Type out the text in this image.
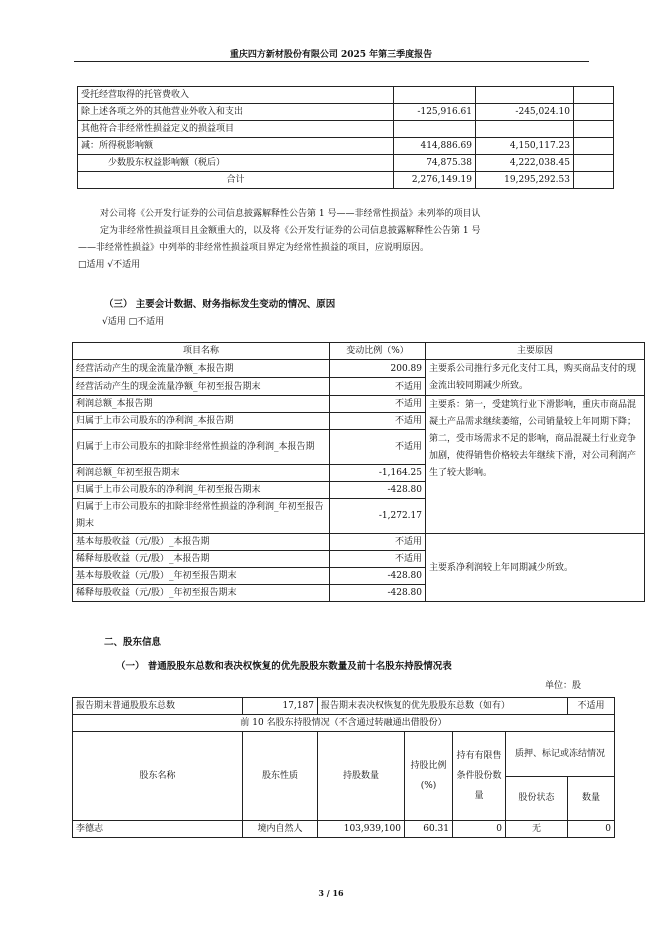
重庆四方新材股份有限公司 2025 年第三季度报告
受托经营取得的托管费收入			
除上述各项之外的其他营业外收入和支出	-125,916.61	-245,024.10	
其他符合非经常性损益定义的损益项目			
减：所得税影响额	414,886.69	4,150,117.23	
少数股东权益影响额（税后）	74,875.38	4,222,038.45	
合计	2,276,149.19	19,295,292.53	
对公司将《公开发行证券的公司信息披露解释性公告第 1 号——非经常性损益》未列举的项目认
定为非经常性损益项目且金额重大的，以及将《公开发行证券的公司信息披露解释性公告第 1 号
——非经常性损益》中列举的非经常性损益项目界定为经常性损益的项目，应说明原因。
□适用 √不适用
（三） 主要会计数据、财务指标发生变动的情况、原因
√适用 □不适用
项目名称	变动比例（%）	主要原因
经营活动产生的现金流量净额_本报告期	200.89	主要系公司推行多元化支付工具，购买商品支付的现金流出较同期减少所致。
经营活动产生的现金流量净额_年初至报告期末	不适用	
利润总额_本报告期	不适用	主要系：第一，受建筑行业下滑影响，重庆市商品混凝土产品需求继续萎缩，公司销量较上年同期下降；第二，受市场需求不足的影响，商品混凝土行业竞争加剧，使得销售价格较去年继续下滑，对公司利润产生了较大影响。
归属于上市公司股东的净利润_本报告期	不适用	
归属于上市公司股东的扣除非经常性损益的净利润_本报告期	不适用	
利润总额_年初至报告期末	-1,164.25	
归属于上市公司股东的净利润_年初至报告期末	-428.80	
归属于上市公司股东的扣除非经常性损益的净利润_年初至报告期末	-1,272.17	
基本每股收益（元/股）_本报告期	不适用	主要系净利润较上年同期减少所致。
稀释每股收益（元/股）_本报告期	不适用	
基本每股收益（元/股）_年初至报告期末	-428.80	
稀释每股收益（元/股）_年初至报告期末	-428.80	
二、股东信息
（一） 普通股股东总数和表决权恢复的优先股股东数量及前十名股东持股情况表
单位：股
报告期末普通股股东总数	17,187	报告期末表决权恢复的优先股股东总数（如有）				不适用
前 10 名股东持股情况（不含通过转融通出借股份）						
股东名称	股东性质	持股数量	持股比例(%)	持有有限售条件股份数量	质押、标记或冻结情况	
					股份状态	数量
李德志	境内自然人	103,939,100	60.31	0	无	0
3 / 16
